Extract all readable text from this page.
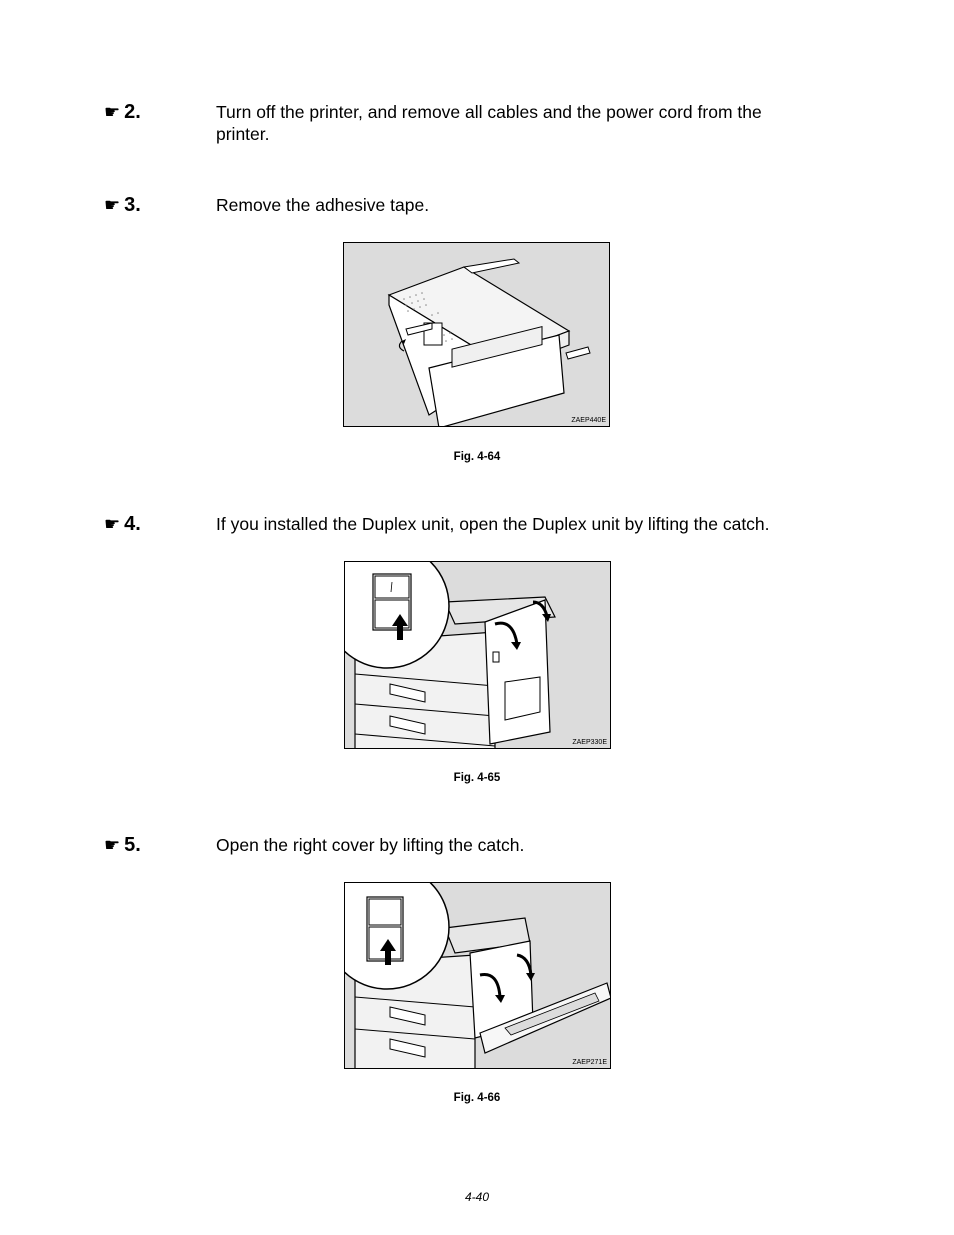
☛ 2.	Turn off the printer, and remove all cables and the power cord from the printer.
☛ 3.	Remove the adhesive tape.
ZAEP440E
Fig. 4-64
☛ 4.	If you installed the Duplex unit, open the Duplex unit by lifting the catch.
ZAEP330E
Fig. 4-65
☛ 5.	Open the right cover by lifting the catch.
ZAEP271E
Fig. 4-66
4-40
